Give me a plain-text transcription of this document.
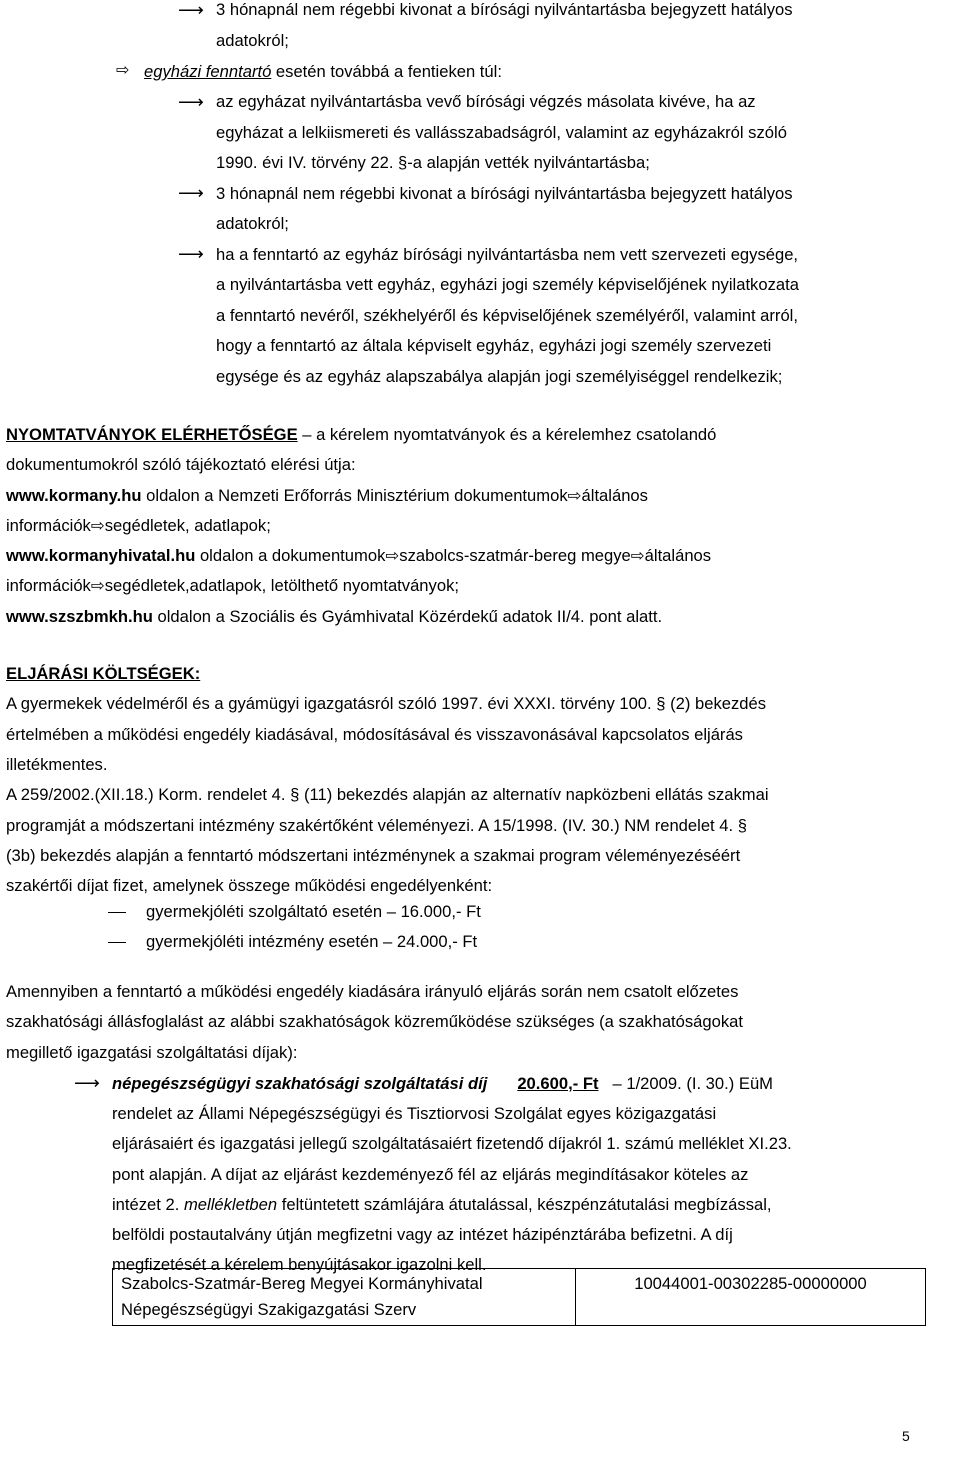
⟶ 3 hónapnál nem régebbi kivonat a bírósági nyilvántartásba bejegyzett hatályos
adatokról;
⇨ egyházi fenntartó esetén továbbá a fentieken túl:
⟶ az egyházat nyilvántartásba vevő bírósági végzés másolata kivéve, ha az
egyházat a lelkiismereti és vallásszabadságról, valamint az egyházakról szóló
1990. évi IV. törvény 22. §-a alapján vették nyilvántartásba;
⟶ 3 hónapnál nem régebbi kivonat a bírósági nyilvántartásba bejegyzett hatályos
adatokról;
⟶ ha a fenntartó az egyház bírósági nyilvántartásba nem vett szervezeti egysége,
a nyilvántartásba vett egyház, egyházi jogi személy képviselőjének nyilatkozata
a fenntartó nevéről, székhelyéről és képviselőjének személyéről, valamint arról,
hogy a fenntartó az általa képviselt egyház, egyházi jogi személy szervezeti
egysége és az egyház alapszabálya alapján jogi személyiséggel rendelkezik;
NYOMTATVÁNYOK ELÉRHETŐSÉGE – a kérelem nyomtatványok és a kérelemhez csatolandó
dokumentumokról szóló tájékoztató elérési útja:
www.kormany.hu oldalon a Nemzeti Erőforrás Minisztérium dokumentumok⇨általános
információk⇨segédletek, adatlapok;
www.kormanyhivatal.hu oldalon a dokumentumok⇨szabolcs-szatmár-bereg megye⇨általános
információk⇨segédletek,adatlapok, letölthető nyomtatványok;
www.szszbmkh.hu oldalon a Szociális és Gyámhivatal Közérdekű adatok II/4. pont alatt.
ELJÁRÁSI KÖLTSÉGEK:
A gyermekek védelméről és a gyámügyi igazgatásról szóló 1997. évi XXXI. törvény 100. § (2) bekezdés
értelmében a működési engedély kiadásával, módosításával és visszavonásával kapcsolatos eljárás
illetékmentes.
A 259/2002.(XII.18.) Korm. rendelet 4. § (11) bekezdés alapján az alternatív napközbeni ellátás szakmai
programját a módszertani intézmény szakértőként véleményezi. A 15/1998. (IV. 30.) NM rendelet 4. §
(3b) bekezdés alapján a fenntartó módszertani intézménynek a szakmai program véleményezéséért
szakértői díjat fizet, amelynek összege működési engedélyenként:
gyermekjóléti szolgáltató esetén – 16.000,- Ft
gyermekjóléti intézmény esetén – 24.000,- Ft
Amennyiben a fenntartó a működési engedély kiadására irányuló eljárás során nem csatolt előzetes
szakhatósági állásfoglalást az alábbi szakhatóságok közreműködése szükséges (a szakhatóságokat
megillető igazgatási szolgáltatási díjak):
⟶ népegészségügyi szakhatósági szolgáltatási díj 20.600,- Ft – 1/2009. (I. 30.) EüM
rendelet az Állami Népegészségügyi és Tisztiorvosi Szolgálat egyes közigazgatási
eljárásaiért és igazgatási jellegű szolgáltatásaiért fizetendő díjakról 1. számú melléklet XI.23.
pont alapján. A díjat az eljárást kezdeményező fél az eljárás megindításakor köteles az
intézet 2. mellékletben feltüntetett számlájára átutalással, készpénzátutalási megbízással,
belföldi postautalvány útján megfizetni vagy az intézet házipénztárába befizetni. A díj
megfizetését a kérelem benyújtásakor igazolni kell.
Szabolcs-Szatmár-Bereg Megyei Kormányhivatal
Népegészségügyi Szakigazgatási Szerv
	10044001-00302285-00000000
5
